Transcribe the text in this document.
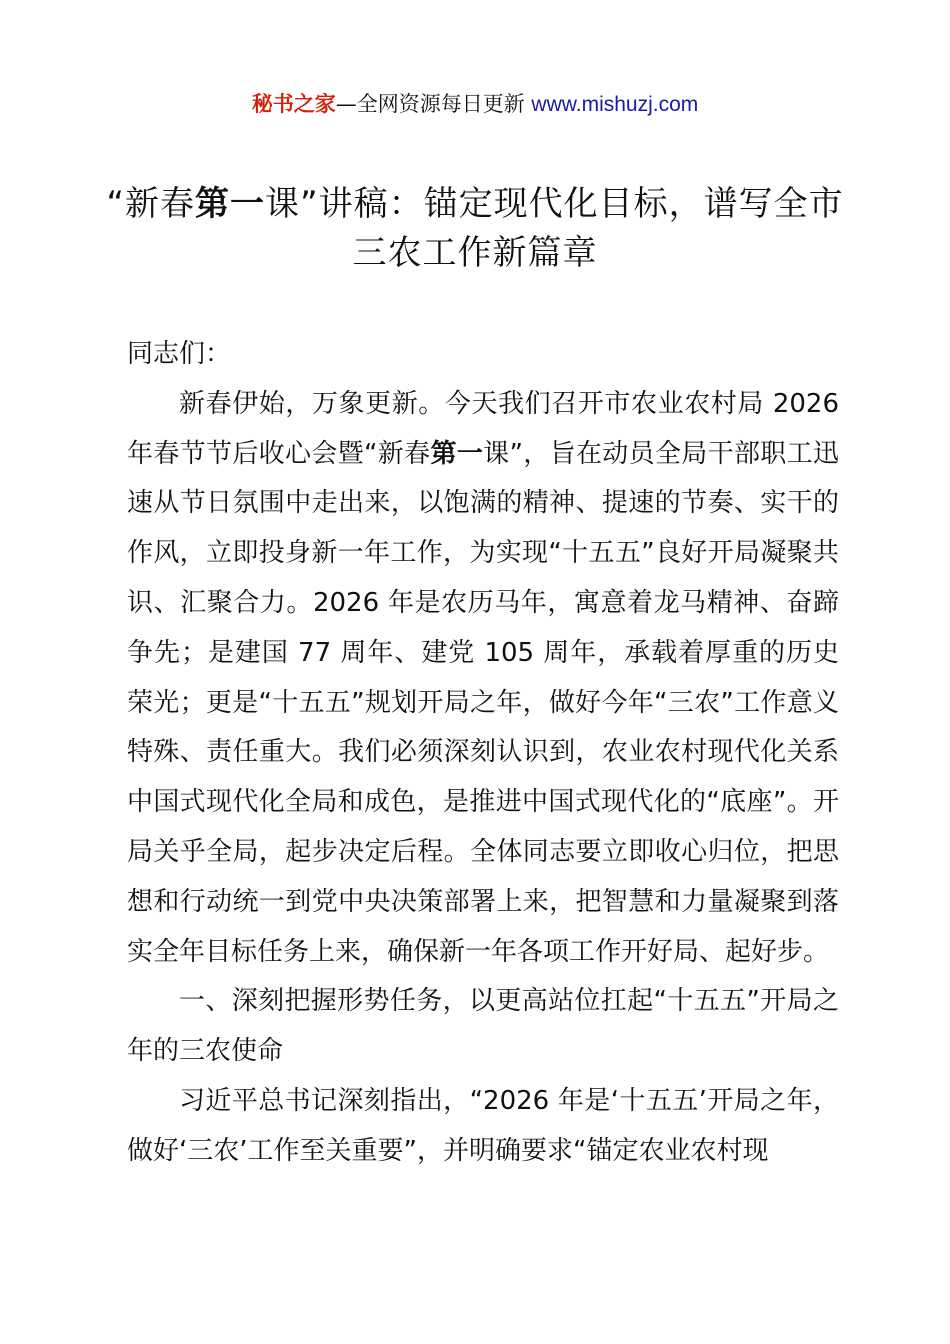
秘书之家—全网资源每日更新 www.mishuzj.com
“新春第一课”讲稿：锚定现代化目标，谱写全市三农工作新篇章

同志们：

新春伊始，万象更新。今天我们召开市农业农村局 2026 年春节节后收心会暨“新春第一课”，旨在动员全局干部职工迅速从节日氛围中走出来，以饱满的精神、提速的节奏、实干的作风，立即投身新一年工作，为实现“十五五”良好开局凝聚共识、汇聚合力。2026 年是农历马年，寓意着龙马精神、奋蹄争先；是建国 77 周年、建党 105 周年，承载着厚重的历史荣光；更是“十五五”规划开局之年，做好今年“三农”工作意义特殊、责任重大。我们必须深刻认识到，农业农村现代化关系中国式现代化全局和成色，是推进中国式现代化的“底座”。开局关乎全局，起步决定后程。全体同志要立即收心归位，把思想和行动统一到党中央决策部署上来，把智慧和力量凝聚到落实全年目标任务上来，确保新一年各项工作开好局、起好步。

一、深刻把握形势任务，以更高站位扛起“十五五”开局之年的三农使命

习近平总书记深刻指出，“2026 年是‘十五五’开局之年，做好‘三农’工作至关重要”，并明确要求“锚定农业农村现
